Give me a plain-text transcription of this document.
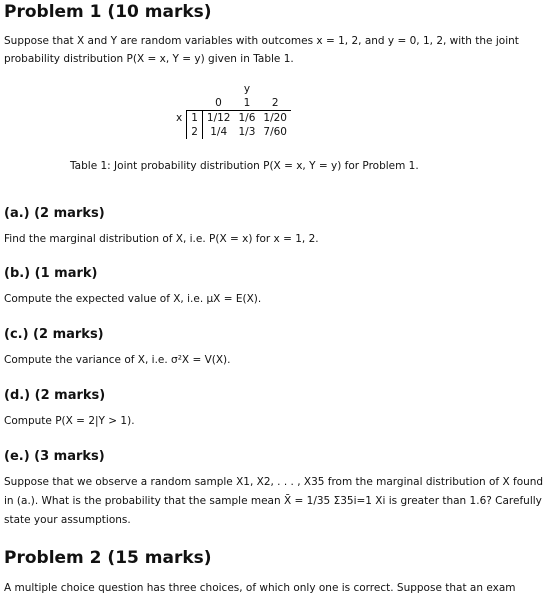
Problem 1 (10 marks)
Suppose that X and Y are random variables with outcomes x = 1, 2, and y = 0, 1, 2, with the joint
probability distribution P(X = x, Y = y) given in Table 1.
			y	
		0	1	2
x	1	1/12	1/6	1/20
	2	1/4	1/3	7/60
Table 1: Joint probability distribution P(X = x, Y = y) for Problem 1.
(a.) (2 marks)
Find the marginal distribution of X, i.e. P(X = x) for x = 1, 2.
(b.) (1 mark)
Compute the expected value of X, i.e. μX = E(X).
(c.) (2 marks)
Compute the variance of X, i.e. σ²X = V(X).
(d.) (2 marks)
Compute P(X = 2|Y > 1).
(e.) (3 marks)
Suppose that we observe a random sample X1, X2, . . . , X35 from the marginal distribution of X found
in (a.). What is the probability that the sample mean X̄ = 1/35 Σ35i=1 Xi is greater than 1.6? Carefully
state your assumptions.
Problem 2 (15 marks)
A multiple choice question has three choices, of which only one is correct. Suppose that an exam
